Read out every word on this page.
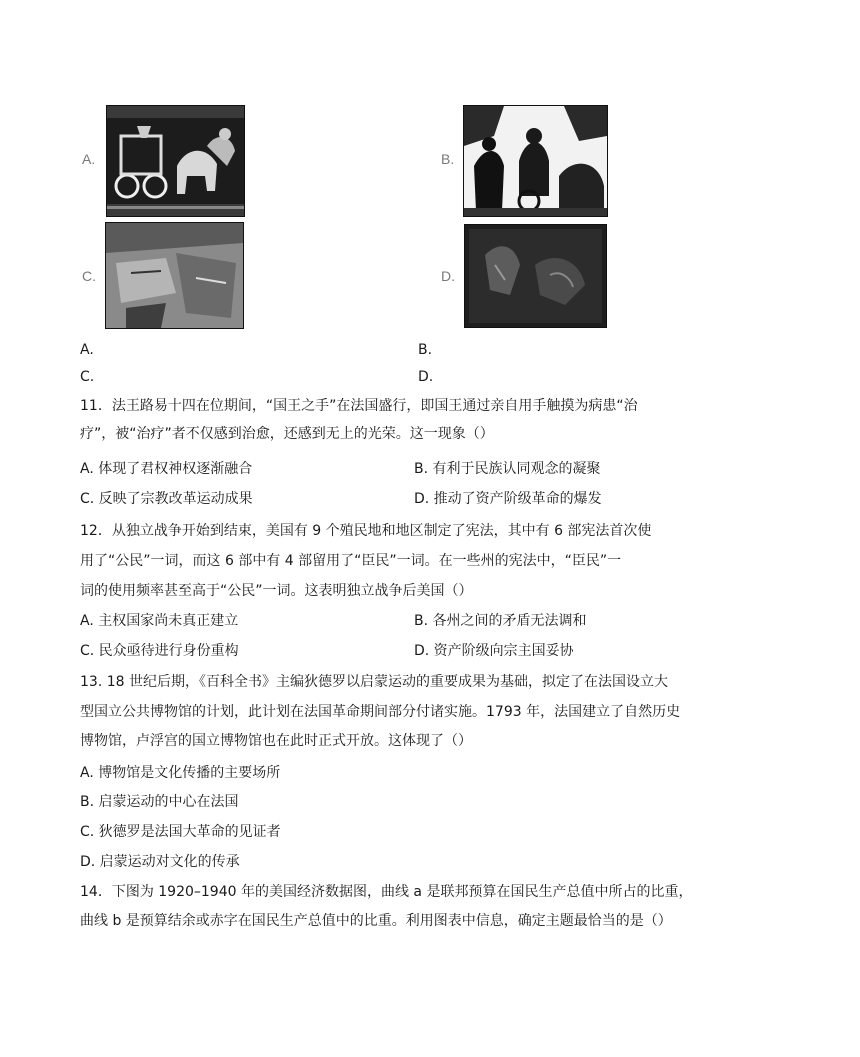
A.	B.
C.	D.
A.	B.
C.	D.
11．法王路易十四在位期间，“国王之手”在法国盛行，即国王通过亲自用手触摸为病患“治
疗”，被“治疗”者不仅感到治愈，还感到无上的光荣。这一现象（）
A. 体现了君权神权逐渐融合	B. 有利于民族认同观念的凝聚
C. 反映了宗教改革运动成果	D. 推动了资产阶级革命的爆发
12．从独立战争开始到结束，美国有 9 个殖民地和地区制定了宪法，其中有 6 部宪法首次使
用了“公民”一词，而这 6 部中有 4 部留用了“臣民”一词。在一些州的宪法中，“臣民”一
词的使用频率甚至高于“公民”一词。这表明独立战争后美国（）
A. 主权国家尚未真正建立	B. 各州之间的矛盾无法调和
C. 民众亟待进行身份重构	D. 资产阶级向宗主国妥协
13. 18 世纪后期，《百科全书》主编狄德罗以启蒙运动的重要成果为基础，拟定了在法国设立大
型国立公共博物馆的计划，此计划在法国革命期间部分付诸实施。1793 年，法国建立了自然历史
博物馆，卢浮宫的国立博物馆也在此时正式开放。这体现了（）
A. 博物馆是文化传播的主要场所
B. 启蒙运动的中心在法国
C. 狄德罗是法国大革命的见证者
D. 启蒙运动对文化的传承
14．下图为 1920–1940 年的美国经济数据图，曲线 a 是联邦预算在国民生产总值中所占的比重，
曲线 b 是预算结余或赤字在国民生产总值中的比重。利用图表中信息，确定主题最恰当的是（）
